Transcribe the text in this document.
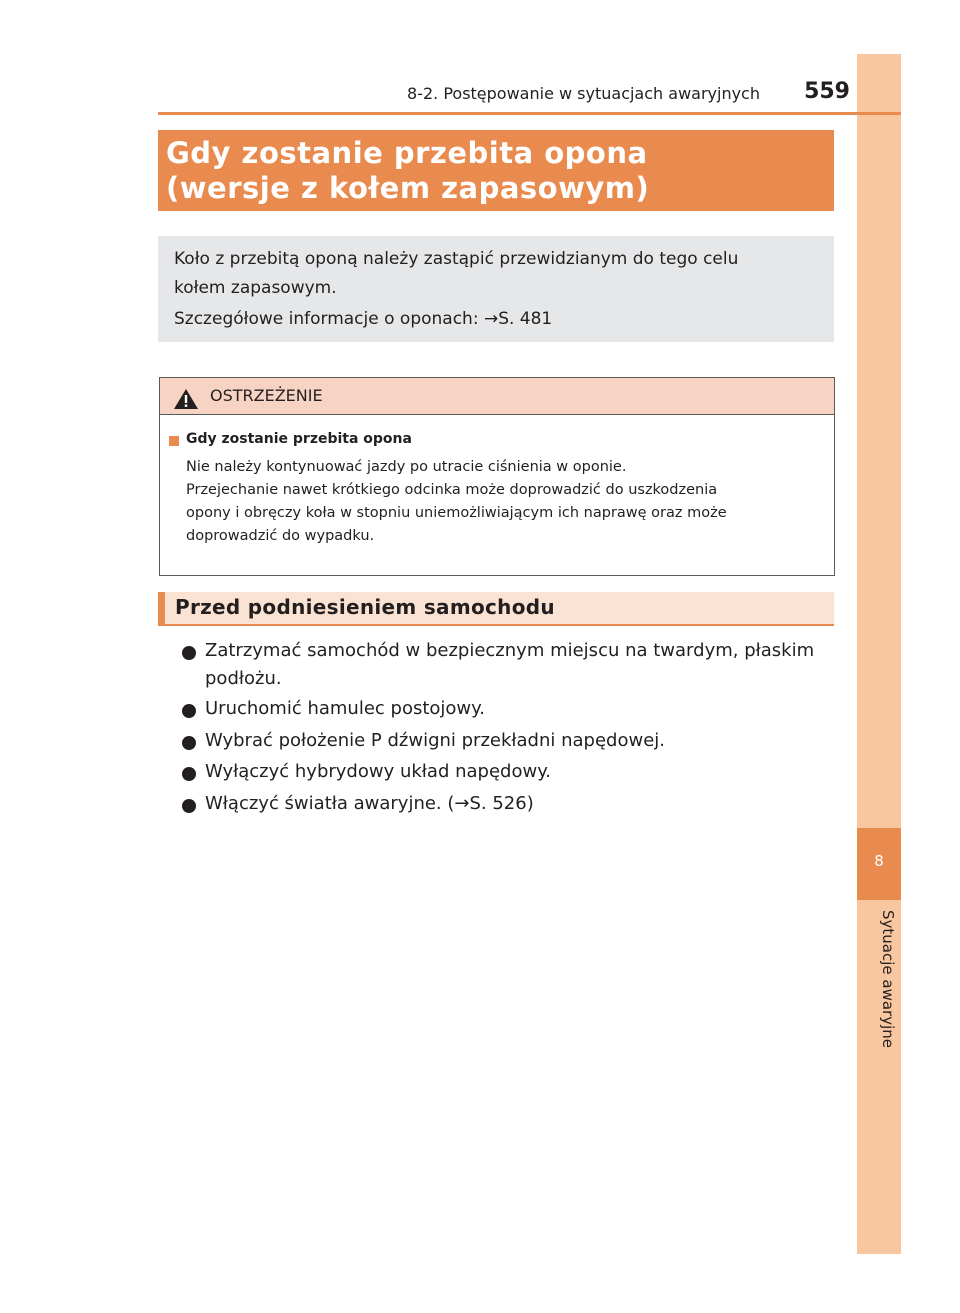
8
Sytuacje awaryjne
8-2. Postępowanie w sytuacjach awaryjnych	559
Gdy zostanie przebita opona
(wersje z kołem zapasowym)
Koło z przebitą oponą należy zastąpić przewidzianym do tego celu
kołem zapasowym.
Szczegółowe informacje o oponach: →S. 481
OSTRZEŻENIE
Gdy zostanie przebita opona
Nie należy kontynuować jazdy po utracie ciśnienia w oponie.
Przejechanie nawet krótkiego odcinka może doprowadzić do uszkodzenia
opony i obręczy koła w stopniu uniemożliwiającym ich naprawę oraz może
doprowadzić do wypadku.
Przed podniesieniem samochodu
Zatrzymać samochód w bezpiecznym miejscu na twardym, płaskim
podłożu.
Uruchomić hamulec postojowy.
Wybrać położenie P dźwigni przekładni napędowej.
Wyłączyć hybrydowy układ napędowy.
Włączyć światła awaryjne. (→S. 526)
